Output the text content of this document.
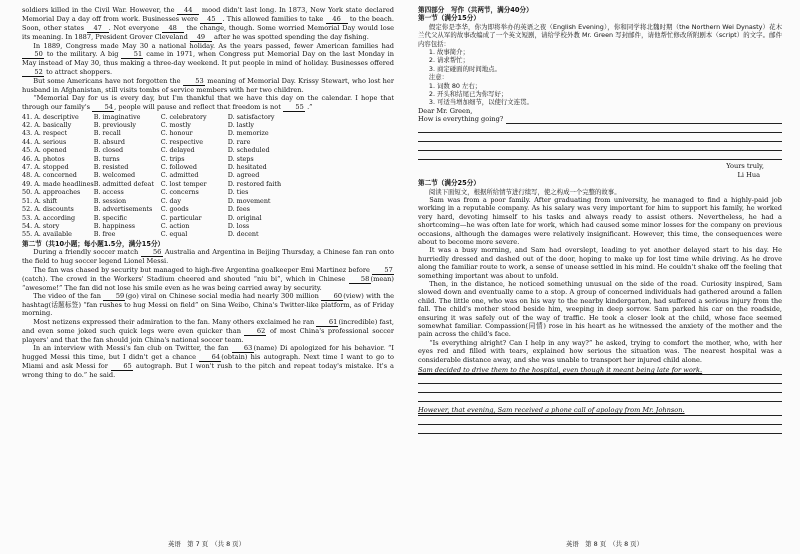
soldiers killed in the Civil War. However, the 44 mood didn't last long. In 1873, New York state declared Memorial Day a day off from work. Businesses were 45 . This allowed families to take 46 to the beach. Soon, other states 47 . Not everyone 48 the change, though. Some worried Memorial Day would lose its meaning. In 1887, President Grover Cleveland 49 after he was spotted spending the day fishing.

In 1889, Congress made May 30 a national holiday. As the years passed, fewer American families had 50 to the military. A big 51 came in 1971, when Congress put Memorial Day on the last Monday in May instead of May 30, thus making a three-day weekend. It put people in mind of holiday. Businesses offered 52 to attract shoppers.

But some Americans have not forgotten the 53 meaning of Memorial Day. Krissy Stewart, who lost her husband in Afghanistan, still visits tombs of service members with her two children.

“Memorial Day for us is every day, but I'm thankful that we have this day on the calendar. I hope that through our family's 54, people will pause and reflect that freedom is not 55 .”

41. A. descriptive	B. imaginative	C. celebratory	D. satisfactory
42. A. basically	B. previously	C. mostly	D. lastly
43. A. respect	B. recall	C. honour	D. memorize
44. A. serious	B. absurd	C. respective	D. rare
45. A. opened	B. closed	C. delayed	D. scheduled
46. A. photos	B. turns	C. trips	D. steps
47. A. stopped	B. resisted	C. followed	D. hesitated
48. A. concerned	B. welcomed	C. admitted	D. agreed
49. A. made headlines	B. admitted defeat	C. lost temper	D. restored faith
50. A. approaches	B. access	C. concerns	D. ties
51. A. shift	B. session	C. day	D. movement
52. A. discounts	B. advertisements	C. goods	D. fees
53. A. according	B. specific	C. particular	D. original
54. A. story	B. happiness	C. action	D. loss
55. A. available	B. free	C. equal	D. decent

第二节（共10小题；每小题1.5分，满分15分）

During a friendly soccer match 56 Australia and Argentina in Beijing Thursday, a Chinese fan ran onto the field to hug soccer legend Lionel Messi.

The fan was chased by security but managed to high-five Argentina goalkeeper Emi Martinez before 57(catch). The crowd in the Workers' Stadium cheered and shouted “niu bi”, which in Chinese 58(mean) “awesome!” The fan did not lose his smile even as he was being carried away by security.

The video of the fan 59(go) viral on Chinese social media had nearly 300 million 60(view) with the hashtag(话题标签) “fan rushes to hug Messi on field” on Sina Weibo, China's Twitter-like platform, as of Friday morning.

Most netizens expressed their admiration to the fan. Many others exclaimed he ran 61(incredible) fast, and even some joked such quick legs were even quicker than 62 of most China's professional soccer players' and that the fan should join China's national soccer team.

In an interview with Messi's fan club on Twitter, the fan 63(name) Di apologized for his behavior. “I hugged Messi this time, but I didn't get a chance 64(obtain) his autograph. Next time I want to go to Miami and ask Messi for 65 autograph. But I won't rush to the pitch and repeat today's mistake. It's a wrong thing to do.” he said.

英语　第 7 页　（共 8 页）

第四部分　写作（共两节，满分40分）

第一节（满分15分）

假定你是李华，你为即将举办的英语之夜（English Evening），你和同学将北魏时期（the Northern Wei Dynasty）花木兰代父从军的故事改编成了一个英文短剧，请给学校外教 Mr. Green 写封邮件，请他帮忙修改所附剧本（script）的文字。邮件内容包括：

1. 故事简介；

2. 请求帮忙；

3. 商定碰面的时间地点。

注意：

1. 词数 80 左右；

2. 开头和结尾已为你写好；

3. 可适当增加细节，以使行文连贯。

Dear Mr. Green,

How is everything going?

Yours truly,

Li Hua

第二节（满分25分）

阅读下面短文，根据所给情节进行续写，使之构成一个完整的故事。

Sam was from a poor family. After graduating from university, he managed to find a highly-paid job working in a reputable company. As his salary was very important for him to support his family, he worked very hard, devoting himself to his tasks and always ready to assist others. Nevertheless, he had a shortcoming—he was often late for work, which had caused some minor losses for the company on previous occasions, although the damages were relatively insignificant. However, this time, the consequences were about to become more severe.

It was a busy morning, and Sam had overslept, leading to yet another delayed start to his day. He hurriedly dressed and dashed out of the door, hoping to make up for lost time while driving. As he drove along the familiar route to work, a sense of unease settled in his mind. He couldn't shake off the feeling that something important was about to unfold.

Then, in the distance, he noticed something unusual on the side of the road. Curiosity inspired, Sam slowed down and eventually came to a stop. A group of concerned individuals had gathered around a fallen child. The little one, who was on his way to the nearby kindergarten, had suffered a serious injury from the fall. The child's mother stood beside him, weeping in deep sorrow. Sam parked his car on the roadside, ensuring it was safely out of the way of traffic. He took a closer look at the child, whose face seemed somewhat familiar. Compassion(同情) rose in his heart as he witnessed the anxiety of the mother and the pain across the child's face.

“Is everything alright? Can I help in any way?” he asked, trying to comfort the mother, who, with her eyes red and filled with tears, explained how serious the situation was. The nearest hospital was a considerable distance away, and she was unable to transport her injured child alone.

Sam decided to drive them to the hospital, even though it meant being late for work.

However, that evening, Sam received a phone call of apology from Mr. Johnson.

英语　第 8 页　（共 8 页）
